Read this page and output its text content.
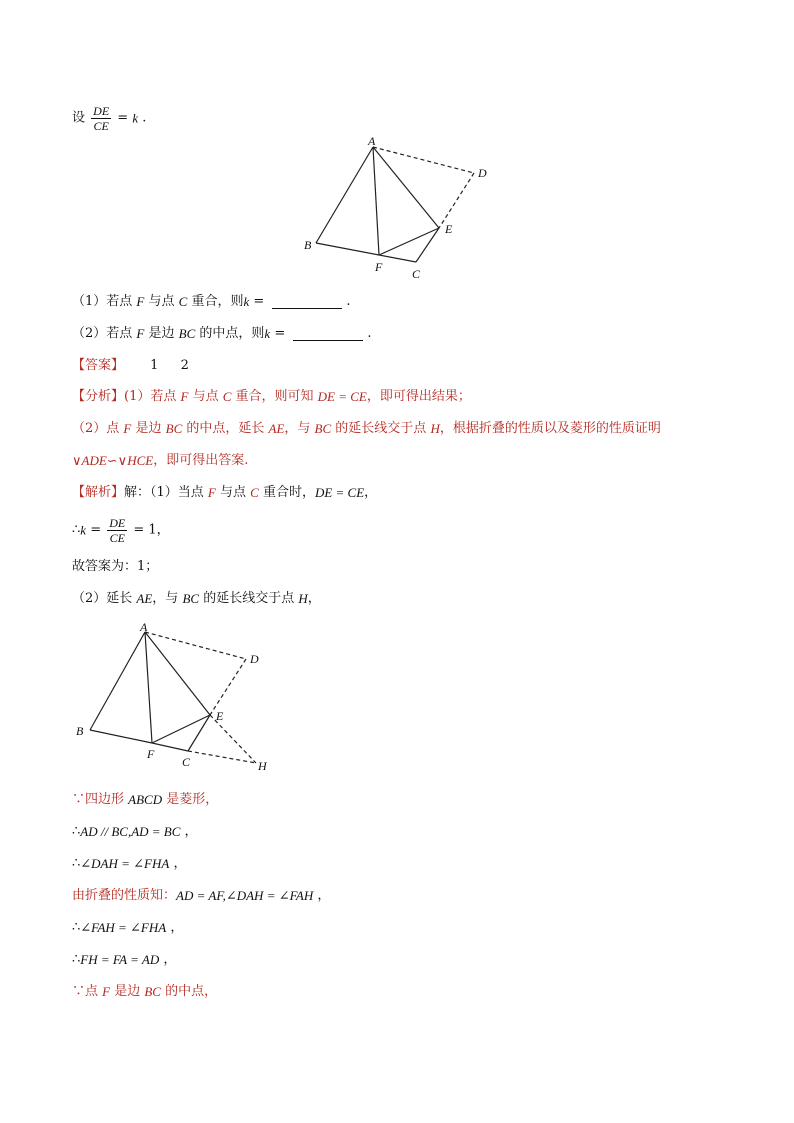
设 $\frac{DE}{CE} = k$ .
A
B
F C
E
D
（1）若点 F 与点 C 重合，则k =	.
（2）若点 F 是边 BC 的中点，则k =	.
【答案】 1 2
【分析】(1）若点 F 与点 C 重合，则可知 DE = CE，即可得出结果；
（2）点 F 是边 BC 的中点，延长 AE，与 BC 的延长线交于点 H，根据折叠的性质以及菱形的性质证明
∨ADE∽∨HCE，即可得出答案.
【解析】解：（1）当点 F 与点 C 重合时，DE = CE，
∴k = $\frac{DE}{CE} = 1$，
故答案为：1；
（2）延长 AE，与 BC 的延长线交于点 H，
A
B
F
C
E
D
H
∵四边形 ABCD 是菱形，
∴AD // BC,AD = BC ，
∴∠DAH = ∠FHA ，
由折叠的性质知：AD = AF,∠DAH = ∠FAH ，
∴∠FAH = ∠FHA ，
∴FH = FA = AD ，
∵点 F 是边 BC 的中点，
